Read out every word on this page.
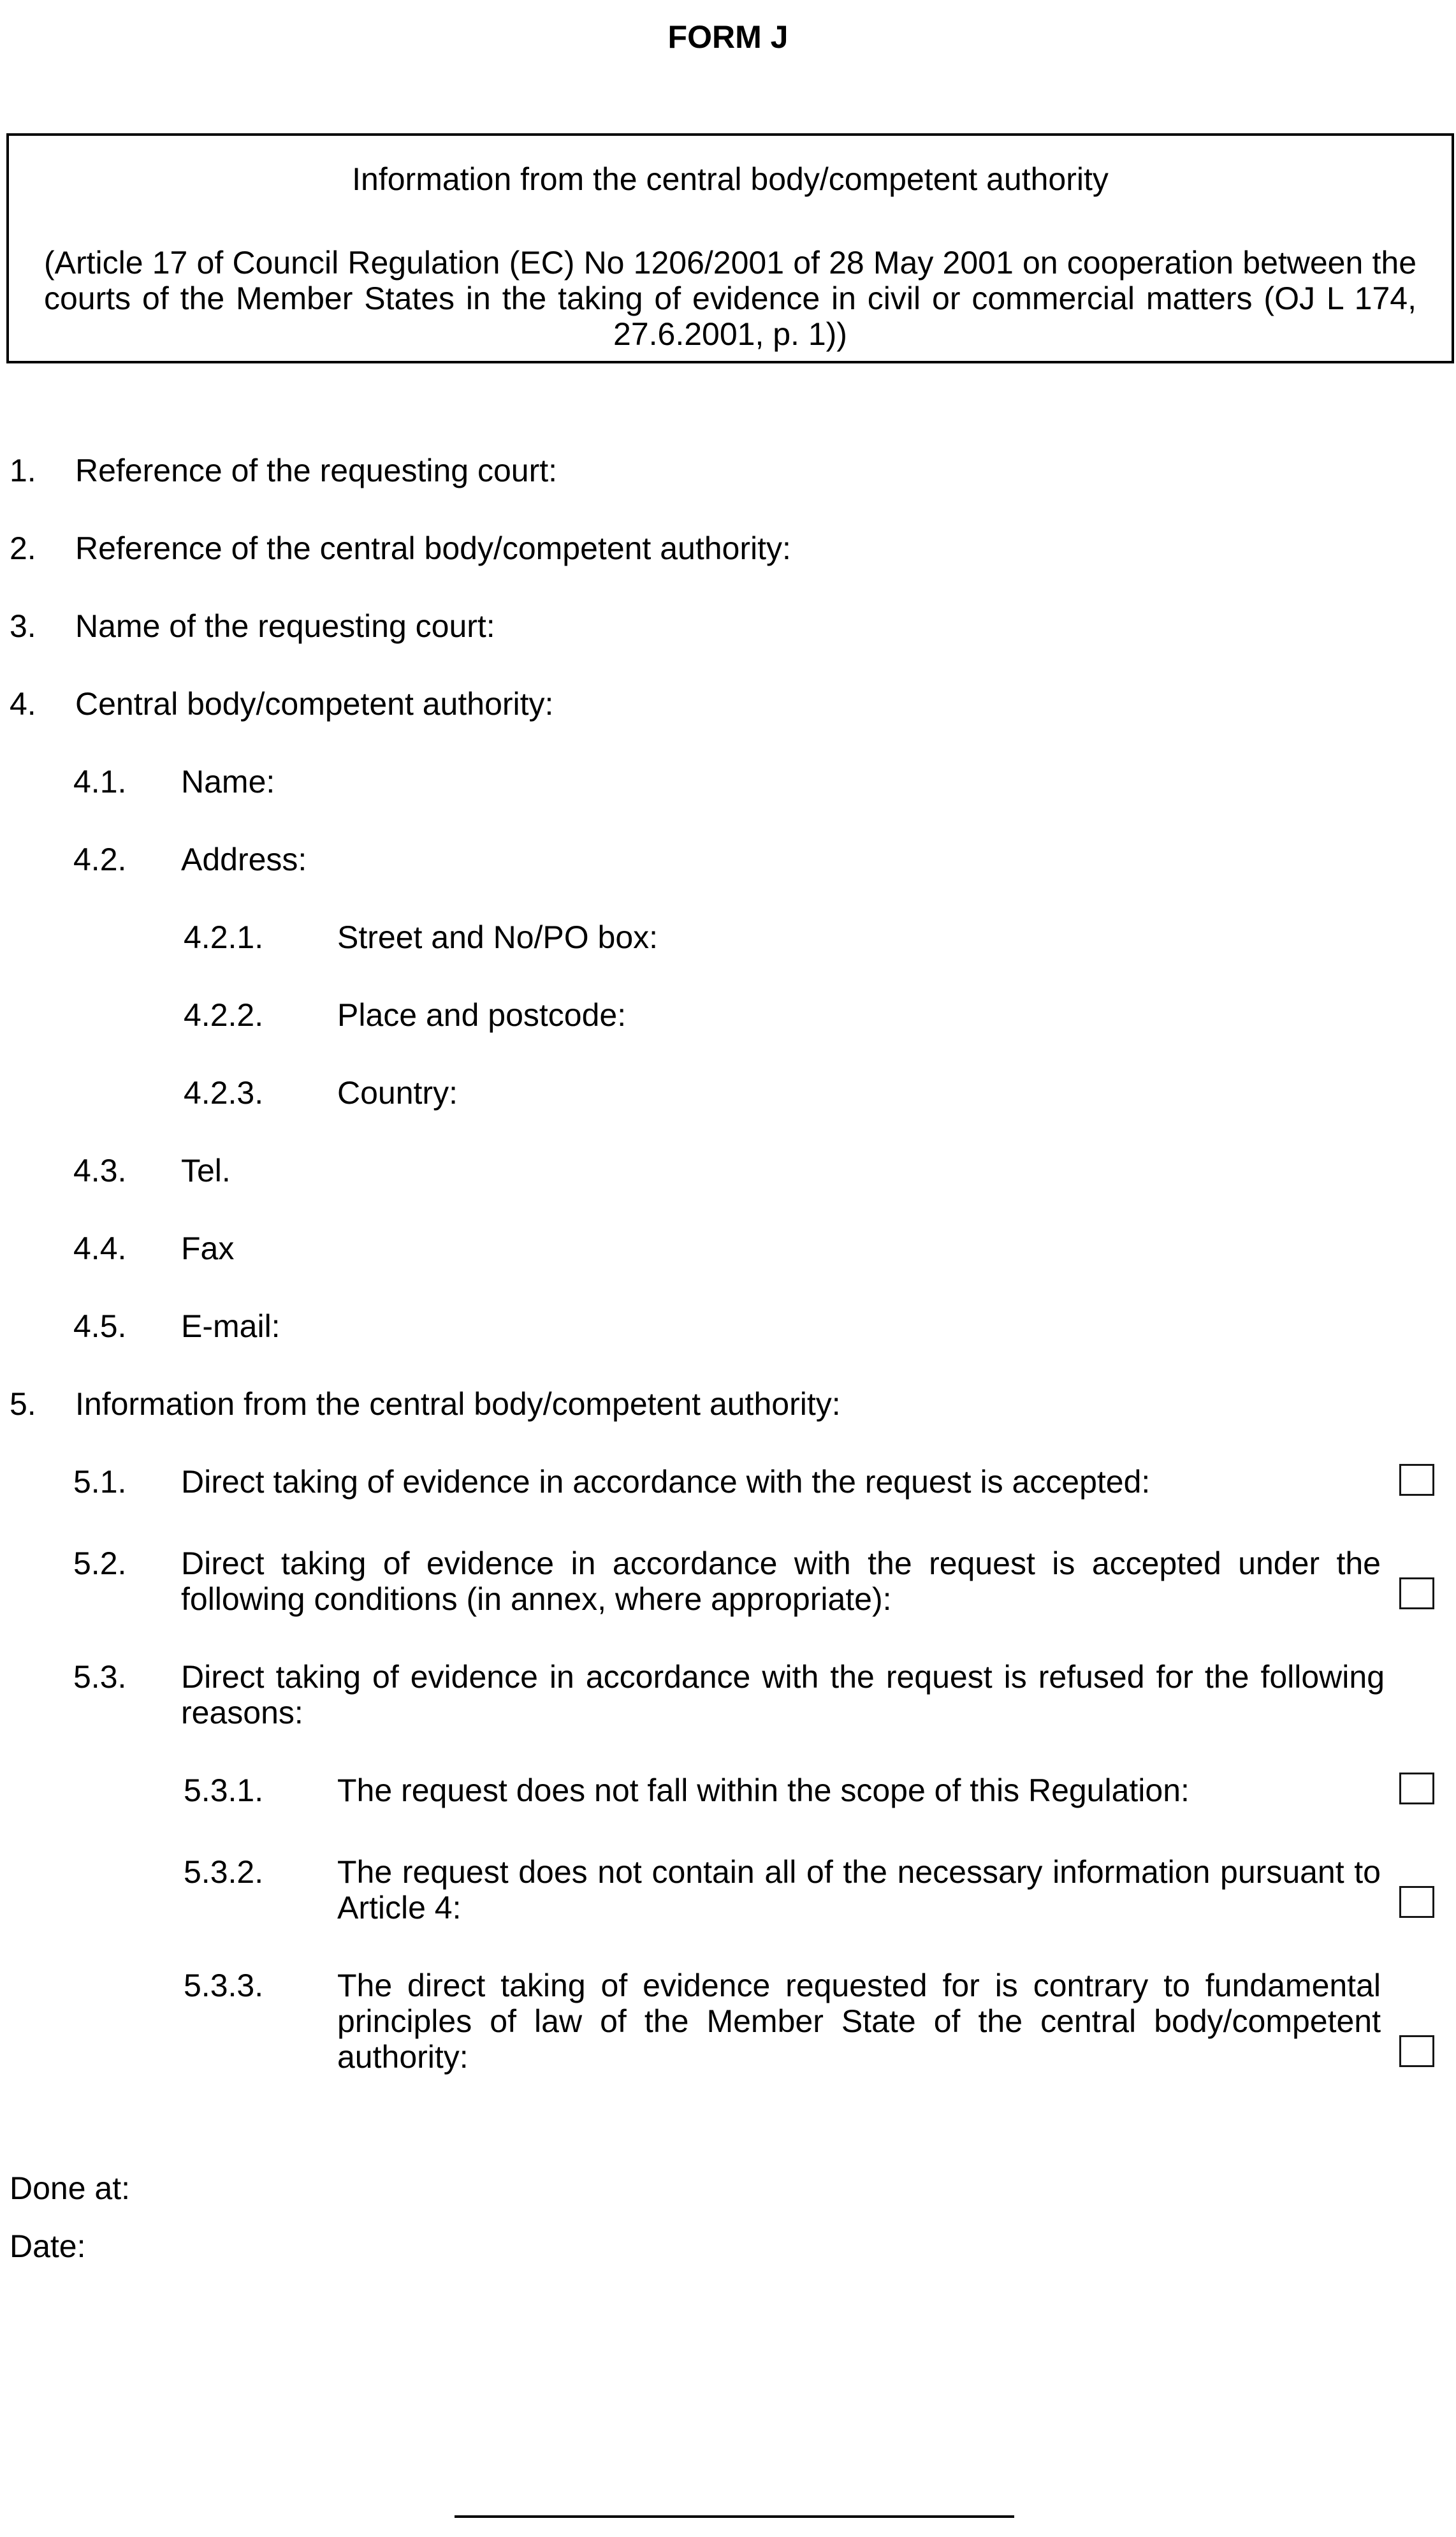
FORM J
Information from the central body/competent authority
(Article 17 of Council Regulation (EC) No 1206/2001 of 28 May 2001 on cooperation between the courts of the Member States in the taking of evidence in civil or commercial matters (OJ L 174, 27.6.2001, p. 1))
1.	Reference of the requesting court:
2.	Reference of the central body/competent authority:
3.	Name of the requesting court:
4.	Central body/competent authority:
4.1.	Name:
4.2.	Address:
4.2.1.	Street and No/PO box:
4.2.2.	Place and postcode:
4.2.3.	Country:
4.3.	Tel.
4.4.	Fax
4.5.	E-mail:
5.	Information from the central body/competent authority:
5.1.	Direct taking of evidence in accordance with the request is accepted:
5.2.	Direct taking of evidence in accordance with the request is accepted under the following conditions (in annex, where appropriate):
5.3.	Direct taking of evidence in accordance with the request is refused for the following reasons:
5.3.1.	The request does not fall within the scope of this Regulation:
5.3.2.	The request does not contain all of the necessary information pursuant to Article 4:
5.3.3.	The direct taking of evidence requested for is contrary to fundamental principles of law of the Member State of the central body/competent authority:
Done at:
Date:
